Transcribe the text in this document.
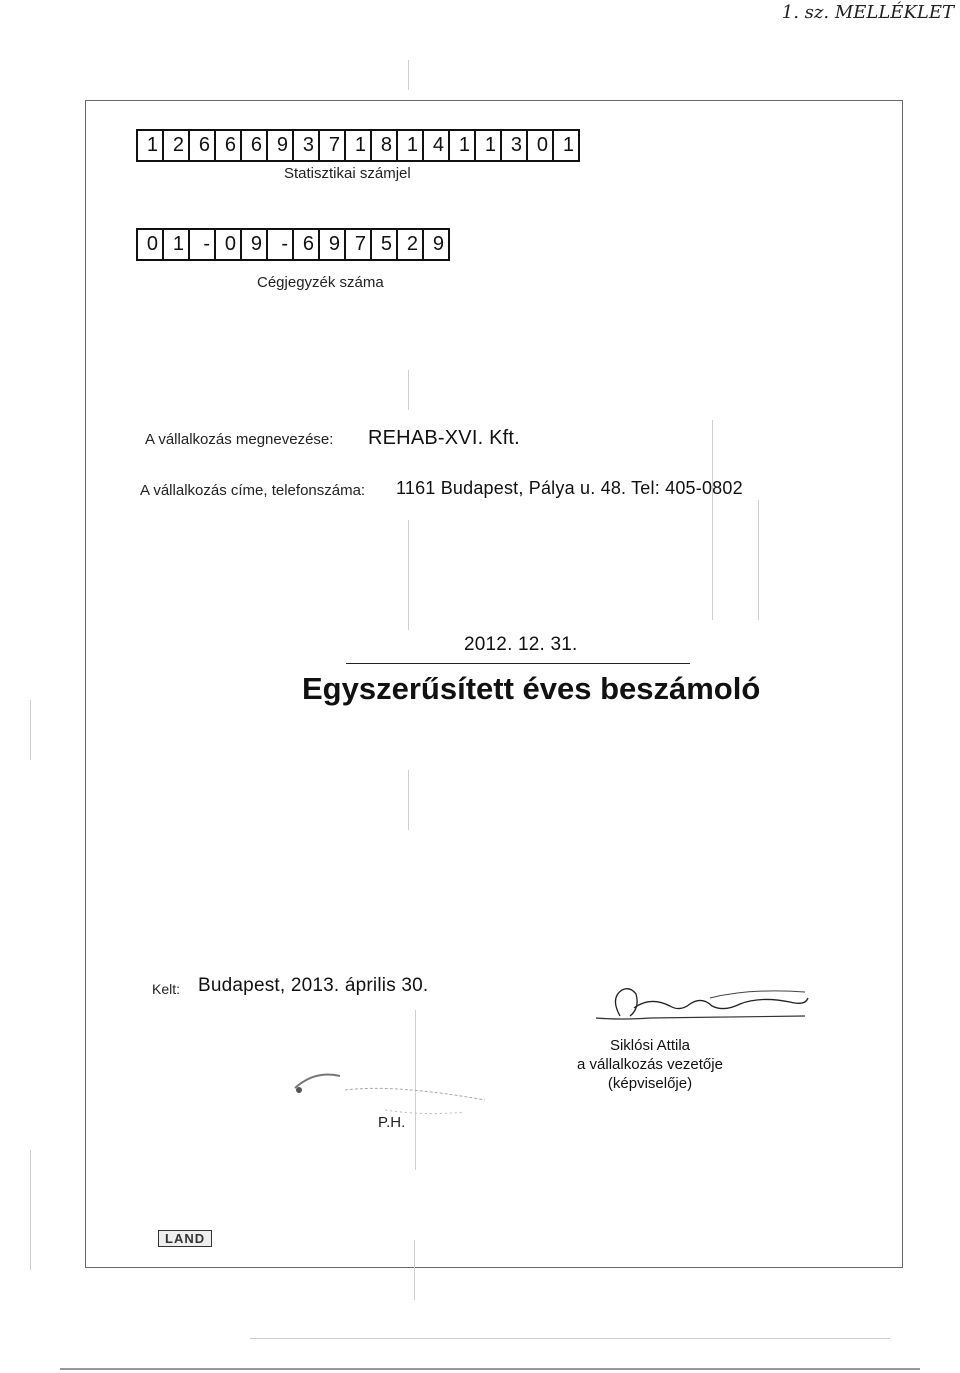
1. sz. MELLÉKLET
1 2 6 6 6 9 3 7 1 8 1 4 1 1 3 0 1
Statisztikai számjel
0 1 - 0 9 - 6 9 7 5 2 9
Cégjegyzék száma
A vállalkozás megnevezése: REHAB-XVI. Kft.
A vállalkozás címe, telefonszáma: 1161 Budapest, Pálya u. 48. Tel: 405-0802
2012. 12. 31.
Egyszerűsített éves beszámoló
Kelt: Budapest, 2013. április 30.
P.H.
Siklósi Attila
a vállalkozás vezetője
(képviselője)
LAND
